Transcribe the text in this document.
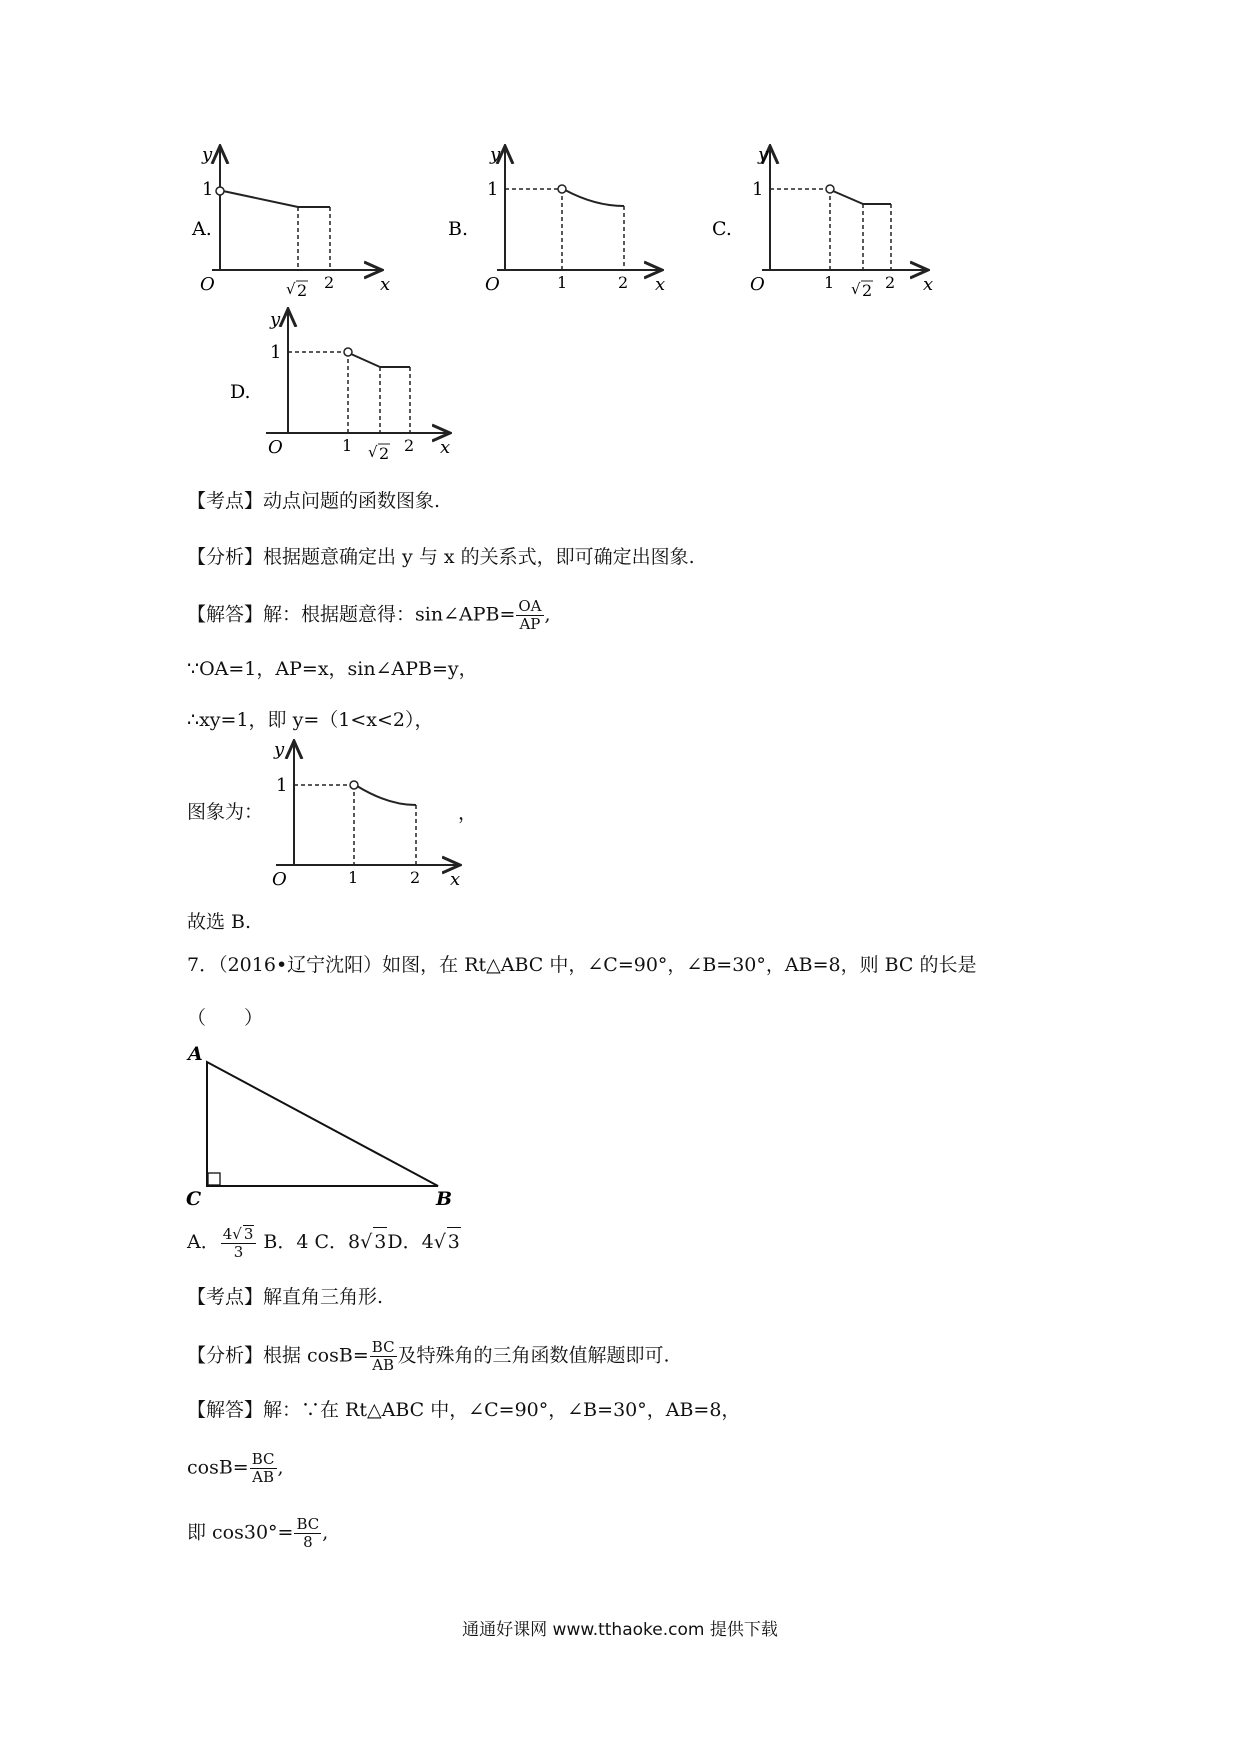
A.
y
x
O
1
√ 2 2
B.
y
x
O
1
1	2
C.
y
x
O
1
1 √ 2 2
D.
y
x
O
1
1 √ 2 2
【考点】动点问题的函数图象.
【分析】根据题意确定出 y 与 x 的关系式，即可确定出图象.
【解答】解：根据题意得：sin∠APB= $\frac{OA}{AP}$ ,
∵OA=1，AP=x，sin∠APB=y，
∴xy=1，即 y=（1<x<2），
图象为：
y
x
O
1
1	2
，
故选 B.
7．（2016•辽宁沈阳）如图，在 Rt△ABC 中，∠C=90°，∠B=30°，AB=8，则 BC 的长是
（　　）
A
C	B
A． $\frac{4√ 3}{3}$ B．4 C．8√ 3D．4√ 3
【考点】解直角三角形.
【分析】根据 $\cos B= \frac{BC}{AB}$ 及特殊角的三角函数值解题即可.
【解答】解：∵在 Rt△ABC 中，∠C=90°，∠B=30°，AB=8，
$\cos B= \frac{BC}{AB}$ ,
即 $\cos 30^\circ= \frac{BC}{8}$ ,
通通好课网 www.tthaoke.com 提供下载
